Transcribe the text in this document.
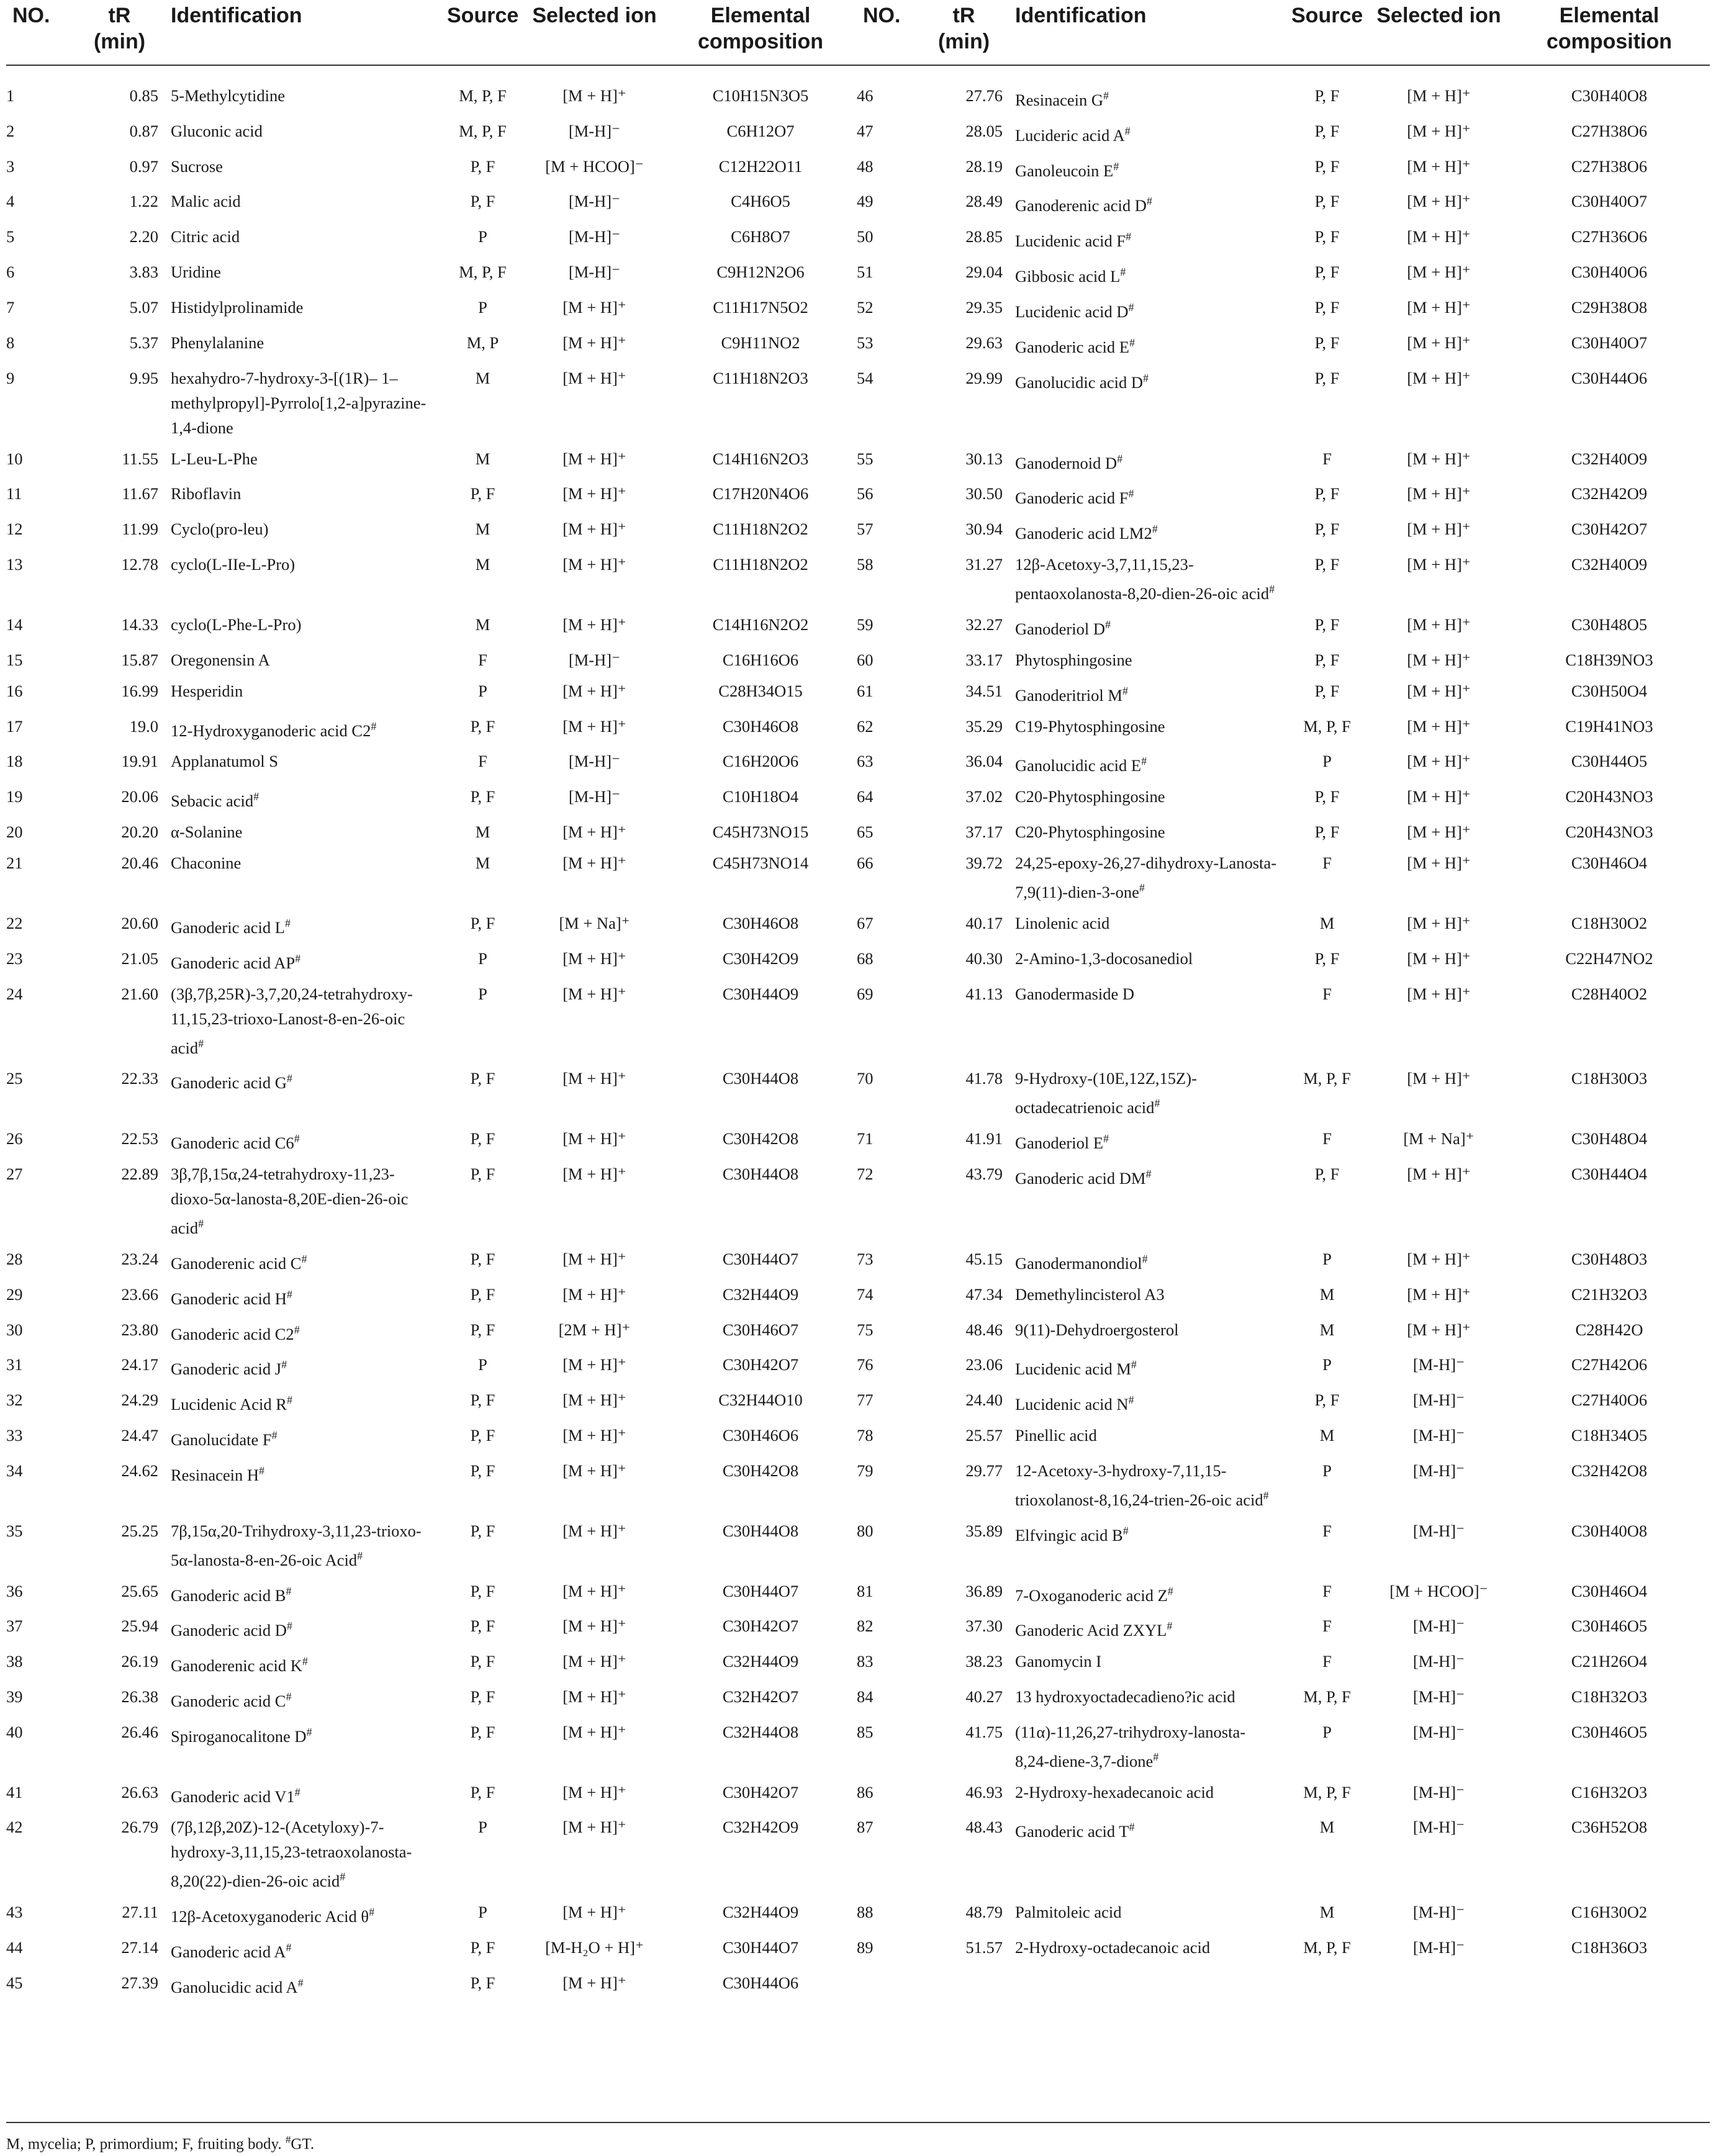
NO.	tR (min)	Identification	Source	Selected ion	Elemental composition	NO.	tR (min)	Identification	Source	Selected ion	Elemental composition
1	0.85	5-Methylcytidine	M, P, F	[M + H]⁺	C10H15N3O5	46	27.76	Resinacein G#	P, F	[M + H]⁺	C30H40O8
2	0.87	Gluconic acid	M, P, F	[M-H]⁻	C6H12O7	47	28.05	Lucideric acid A#	P, F	[M + H]⁺	C27H38O6
3	0.97	Sucrose	P, F	[M + HCOO]⁻	C12H22O11	48	28.19	Ganoleucoin E#	P, F	[M + H]⁺	C27H38O6
4	1.22	Malic acid	P, F	[M-H]⁻	C4H6O5	49	28.49	Ganoderenic acid D#	P, F	[M + H]⁺	C30H40O7
5	2.20	Citric acid	P	[M-H]⁻	C6H8O7	50	28.85	Lucidenic acid F#	P, F	[M + H]⁺	C27H36O6
6	3.83	Uridine	M, P, F	[M-H]⁻	C9H12N2O6	51	29.04	Gibbosic acid L#	P, F	[M + H]⁺	C30H40O6
7	5.07	Histidylprolinamide	P	[M + H]⁺	C11H17N5O2	52	29.35	Lucidenic acid D#	P, F	[M + H]⁺	C29H38O8
8	5.37	Phenylalanine	M, P	[M + H]⁺	C9H11NO2	53	29.63	Ganoderic acid E#	P, F	[M + H]⁺	C30H40O7
9	9.95	hexahydro-7-hydroxy-3-[(1R)– 1–methylpropyl]-Pyrrolo[1,2-a]pyrazine-1,4-dione	M	[M + H]⁺	C11H18N2O3	54	29.99	Ganolucidic acid D#	P, F	[M + H]⁺	C30H44O6
10	11.55	L-Leu-L-Phe	M	[M + H]⁺	C14H16N2O3	55	30.13	Ganodernoid D#	F	[M + H]⁺	C32H40O9
11	11.67	Riboflavin	P, F	[M + H]⁺	C17H20N4O6	56	30.50	Ganoderic acid F#	P, F	[M + H]⁺	C32H42O9
12	11.99	Cyclo(pro-leu)	M	[M + H]⁺	C11H18N2O2	57	30.94	Ganoderic acid LM2#	P, F	[M + H]⁺	C30H42O7
13	12.78	cyclo(L-IIe-L-Pro)	M	[M + H]⁺	C11H18N2O2	58	31.27	12β-Acetoxy-3,7,11,15,23-pentaoxolanosta-8,20-dien-26-oic acid#	P, F	[M + H]⁺	C32H40O9
14	14.33	cyclo(L-Phe-L-Pro)	M	[M + H]⁺	C14H16N2O2	59	32.27	Ganoderiol D#	P, F	[M + H]⁺	C30H48O5
15	15.87	Oregonensin A	F	[M-H]⁻	C16H16O6	60	33.17	Phytosphingosine	P, F	[M + H]⁺	C18H39NO3
16	16.99	Hesperidin	P	[M + H]⁺	C28H34O15	61	34.51	Ganoderitriol M#	P, F	[M + H]⁺	C30H50O4
17	19.0	12-Hydroxyganoderic acid C2#	P, F	[M + H]⁺	C30H46O8	62	35.29	C19-Phytosphingosine	M, P, F	[M + H]⁺	C19H41NO3
18	19.91	Applanatumol S	F	[M-H]⁻	C16H20O6	63	36.04	Ganolucidic acid E#	P	[M + H]⁺	C30H44O5
19	20.06	Sebacic acid#	P, F	[M-H]⁻	C10H18O4	64	37.02	C20-Phytosphingosine	P, F	[M + H]⁺	C20H43NO3
20	20.20	α-Solanine	M	[M + H]⁺	C45H73NO15	65	37.17	C20-Phytosphingosine	P, F	[M + H]⁺	C20H43NO3
21	20.46	Chaconine	M	[M + H]⁺	C45H73NO14	66	39.72	24,25-epoxy-26,27-dihydroxy-Lanosta-7,9(11)-dien-3-one#	F	[M + H]⁺	C30H46O4
22	20.60	Ganoderic acid L#	P, F	[M + Na]⁺	C30H46O8	67	40.17	Linolenic acid	M	[M + H]⁺	C18H30O2
23	21.05	Ganoderic acid AP#	P	[M + H]⁺	C30H42O9	68	40.30	2-Amino-1,3-docosanediol	P, F	[M + H]⁺	C22H47NO2
24	21.60	(3β,7β,25R)-3,7,20,24-tetrahydroxy-11,15,23-trioxo-Lanost-8-en-26-oic acid#	P	[M + H]⁺	C30H44O9	69	41.13	Ganodermaside D	F	[M + H]⁺	C28H40O2
25	22.33	Ganoderic acid G#	P, F	[M + H]⁺	C30H44O8	70	41.78	9-Hydroxy-(10E,12Z,15Z)-octadecatrienoic acid#	M, P, F	[M + H]⁺	C18H30O3
26	22.53	Ganoderic acid C6#	P, F	[M + H]⁺	C30H42O8	71	41.91	Ganoderiol E#	F	[M + Na]⁺	C30H48O4
27	22.89	3β,7β,15α,24-tetrahydroxy-11,23-dioxo-5α-lanosta-8,20E-dien-26-oic acid#	P, F	[M + H]⁺	C30H44O8	72	43.79	Ganoderic acid DM#	P, F	[M + H]⁺	C30H44O4
28	23.24	Ganoderenic acid C#	P, F	[M + H]⁺	C30H44O7	73	45.15	Ganodermanondiol#	P	[M + H]⁺	C30H48O3
29	23.66	Ganoderic acid H#	P, F	[M + H]⁺	C32H44O9	74	47.34	Demethylincisterol A3	M	[M + H]⁺	C21H32O3
30	23.80	Ganoderic acid C2#	P, F	[2M + H]⁺	C30H46O7	75	48.46	9(11)-Dehydroergosterol	M	[M + H]⁺	C28H42O
31	24.17	Ganoderic acid J#	P	[M + H]⁺	C30H42O7	76	23.06	Lucidenic acid M#	P	[M-H]⁻	C27H42O6
32	24.29	Lucidenic Acid R#	P, F	[M + H]⁺	C32H44O10	77	24.40	Lucidenic acid N#	P, F	[M-H]⁻	C27H40O6
33	24.47	Ganolucidate F#	P, F	[M + H]⁺	C30H46O6	78	25.57	Pinellic acid	M	[M-H]⁻	C18H34O5
34	24.62	Resinacein H#	P, F	[M + H]⁺	C30H42O8	79	29.77	12-Acetoxy-3-hydroxy-7,11,15-trioxolanost-8,16,24-trien-26-oic acid#	P	[M-H]⁻	C32H42O8
35	25.25	7β,15α,20-Trihydroxy-3,11,23-trioxo-5α-lanosta-8-en-26-oic Acid#	P, F	[M + H]⁺	C30H44O8	80	35.89	Elfvingic acid B#	F	[M-H]⁻	C30H40O8
36	25.65	Ganoderic acid B#	P, F	[M + H]⁺	C30H44O7	81	36.89	7-Oxoganoderic acid Z#	F	[M + HCOO]⁻	C30H46O4
37	25.94	Ganoderic acid D#	P, F	[M + H]⁺	C30H42O7	82	37.30	Ganoderic Acid ZXYL#	F	[M-H]⁻	C30H46O5
38	26.19	Ganoderenic acid K#	P, F	[M + H]⁺	C32H44O9	83	38.23	Ganomycin I	F	[M-H]⁻	C21H26O4
39	26.38	Ganoderic acid C#	P, F	[M + H]⁺	C32H42O7	84	40.27	13 hydroxyoctadecadieno?ic acid	M, P, F	[M-H]⁻	C18H32O3
40	26.46	Spiroganocalitone D#	P, F	[M + H]⁺	C32H44O8	85	41.75	(11α)-11,26,27-trihydroxy-lanosta-8,24-diene-3,7-dione#	P	[M-H]⁻	C30H46O5
41	26.63	Ganoderic acid V1#	P, F	[M + H]⁺	C30H42O7	86	46.93	2-Hydroxy-hexadecanoic acid	M, P, F	[M-H]⁻	C16H32O3
42	26.79	(7β,12β,20Z)-12-(Acetyloxy)-7-hydroxy-3,11,15,23-tetraoxolanosta-8,20(22)-dien-26-oic acid#	P	[M + H]⁺	C32H42O9	87	48.43	Ganoderic acid T#	M	[M-H]⁻	C36H52O8
43	27.11	12β-Acetoxyganoderic Acid θ#	P	[M + H]⁺	C32H44O9	88	48.79	Palmitoleic acid	M	[M-H]⁻	C16H30O2
44	27.14	Ganoderic acid A#	P, F	[M-H₂O + H]⁺	C30H44O7	89	51.57	2-Hydroxy-octadecanoic acid	M, P, F	[M-H]⁻	C18H36O3
45	27.39	Ganolucidic acid A#	P, F	[M + H]⁺	C30H44O6						
M, mycelia; P, primordium; F, fruiting body. #GT.
